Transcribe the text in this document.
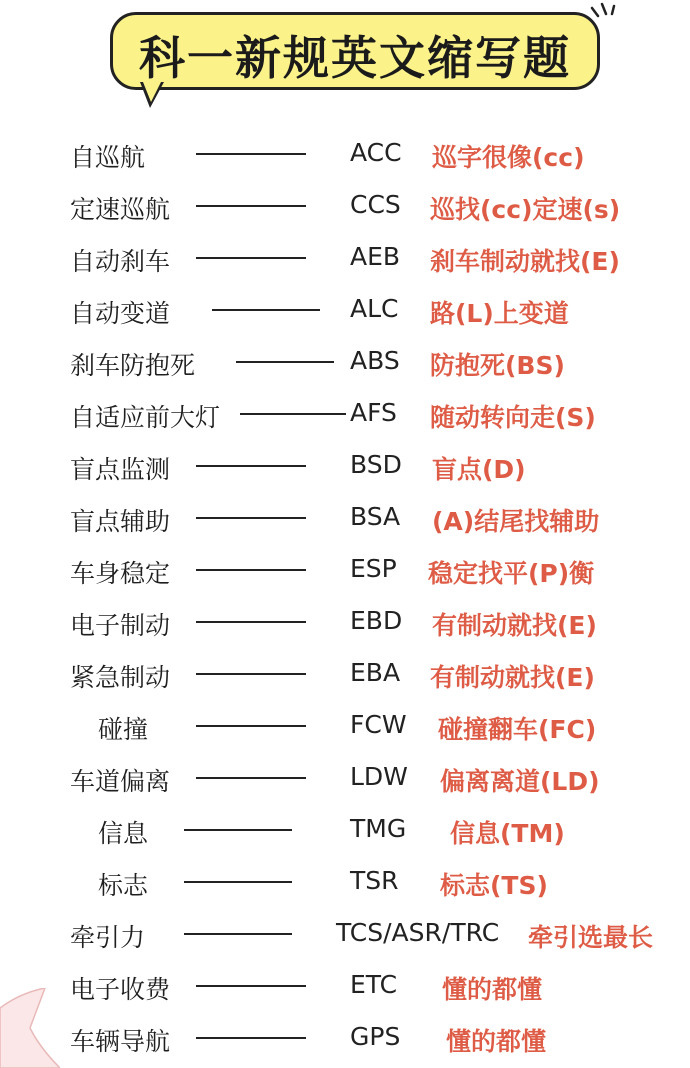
科一新规英文缩写题
自巡航	ACC 巡字很像(cc)
定速巡航	CCS 巡找(cc)定速(s)
自动刹车	AEB 刹车制动就找(E)
自动变道	ALC 路(L)上变道
刹车防抱死	ABS 防抱死(BS)
自适应前大灯	AFS 随动转向走(S)
盲点监测	BSD 盲点(D)
盲点辅助	BSA (A)结尾找辅助
车身稳定	ESP 稳定找平(P)衡
电子制动	EBD 有制动就找(E)
紧急制动	EBA 有制动就找(E)
碰撞	FCW 碰撞翻车(FC)
车道偏离	LDW 偏离离道(LD)
信息	TMG 信息(TM)
标志	TSR 标志(TS)
牵引力	TCS/ASR/TRC 牵引选最长
电子收费	ETC 懂的都懂
车辆导航	GPS 懂的都懂
